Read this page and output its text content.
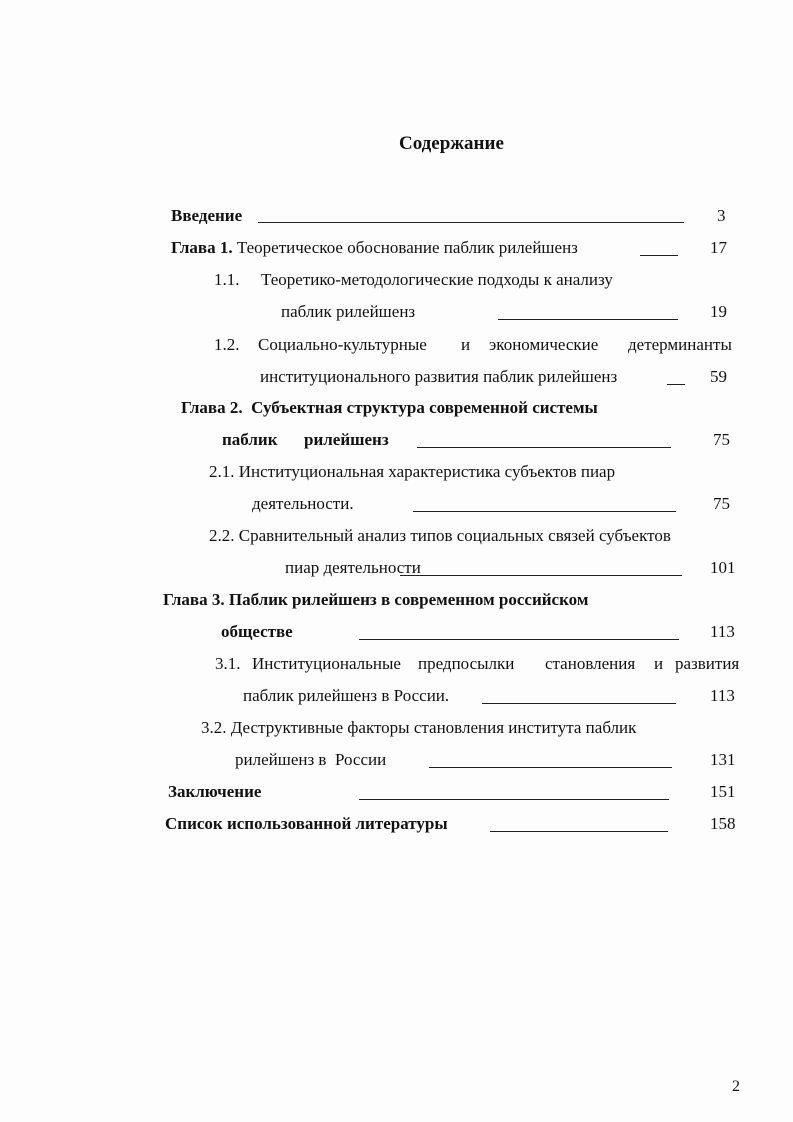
Содержание
Введение	3
Глава 1. Теоретическое обоснование паблик рилейшенз	17
1.1. Теоретико-методологические подходы к анализу
паблик рилейшенз	19
1.2. Социально-культурные и экономические детерминанты
институционального развития паблик рилейшенз	59
Глава 2.  Субъектная структура современной системы
паблик рилейшенз	75
2.1. Институциональная характеристика субъектов пиар
деятельности.	75
2.2. Сравнительный анализ типов социальных связей субъектов
пиар деятельности	101
Глава 3. Паблик рилейшенз в современном российском
обществе	113
3.1. Институциональные предпосылки становления и развития
паблик рилейшенз в России.	113
3.2. Деструктивные факторы становления института паблик
рилейшенз в  России	131
Заключение	151
Список использованной литературы	158
2
